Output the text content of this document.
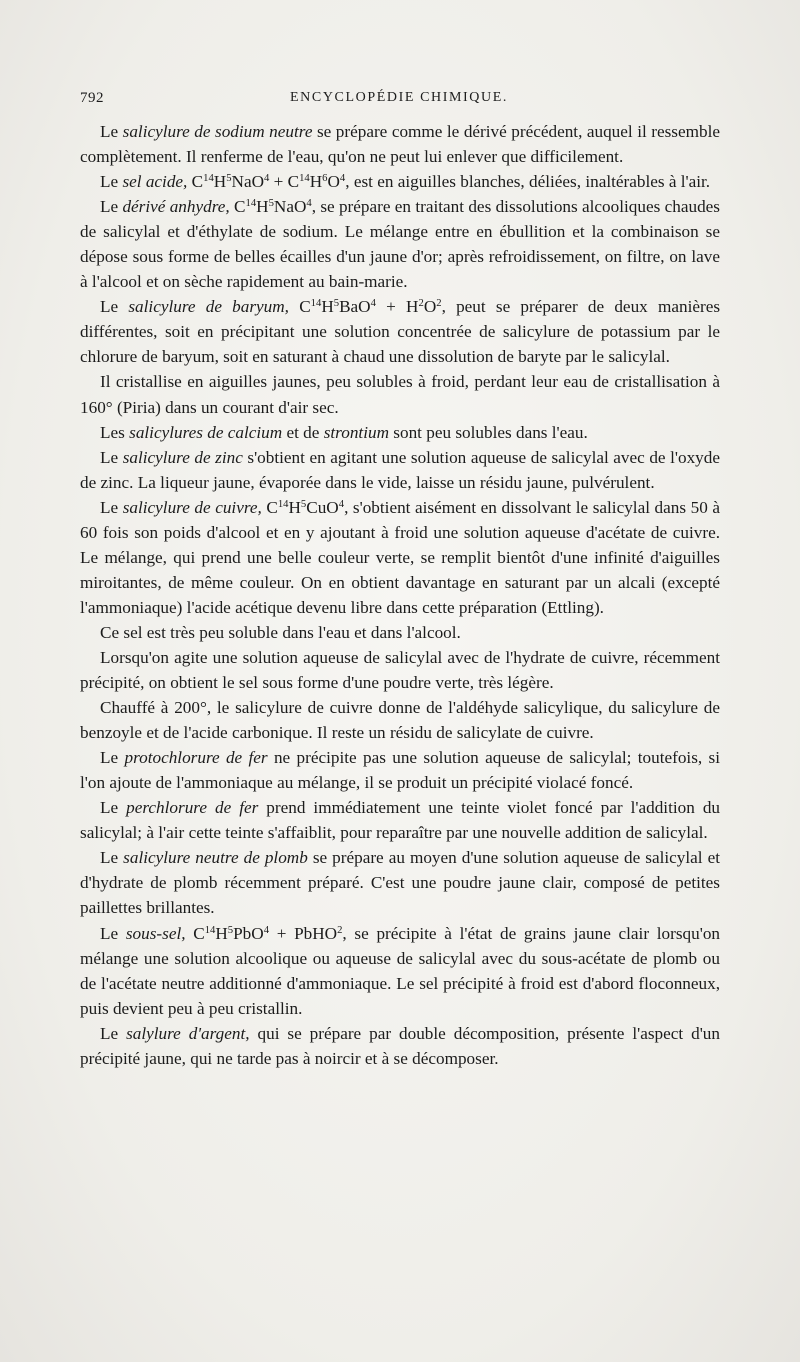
792	ENCYCLOPÉDIE CHIMIQUE.

Le salicylure de sodium neutre se prépare comme le dérivé précédent, auquel il ressemble complètement. Il renferme de l'eau, qu'on ne peut lui enlever que difficilement.

Le sel acide, $C^{14}H^5NaO^4 + C^{14}H^6O^4$, est en aiguilles blanches, déliées, inaltérables à l'air.

Le dérivé anhydre, $C^{14}H^5NaO^4$, se prépare en traitant des dissolutions alcooliques chaudes de salicylal et d'éthylate de sodium. Le mélange entre en ébullition et la combinaison se dépose sous forme de belles écailles d'un jaune d'or; après refroidissement, on filtre, on lave à l'alcool et on sèche rapidement au bain-marie.

Le salicylure de baryum, $C^{14}H^5BaO^4 + H^2O^2$, peut se préparer de deux manières différentes, soit en précipitant une solution concentrée de salicylure de potassium par le chlorure de baryum, soit en saturant à chaud une dissolution de baryte par le salicylal.

Il cristallise en aiguilles jaunes, peu solubles à froid, perdant leur eau de cristallisation à 160° (Piria) dans un courant d'air sec.

Les salicylures de calcium et de strontium sont peu solubles dans l'eau.

Le salicylure de zinc s'obtient en agitant une solution aqueuse de salicylal avec de l'oxyde de zinc. La liqueur jaune, évaporée dans le vide, laisse un résidu jaune, pulvérulent.

Le salicylure de cuivre, $C^{14}H^5CuO^4$, s'obtient aisément en dissolvant le salicylal dans 50 à 60 fois son poids d'alcool et en y ajoutant à froid une solution aqueuse d'acétate de cuivre. Le mélange, qui prend une belle couleur verte, se remplit bientôt d'une infinité d'aiguilles miroitantes, de même couleur. On en obtient davantage en saturant par un alcali (excepté l'ammoniaque) l'acide acétique devenu libre dans cette préparation (Ettling).

Ce sel est très peu soluble dans l'eau et dans l'alcool.

Lorsqu'on agite une solution aqueuse de salicylal avec de l'hydrate de cuivre, récemment précipité, on obtient le sel sous forme d'une poudre verte, très légère.

Chauffé à 200°, le salicylure de cuivre donne de l'aldéhyde salicylique, du salicylure de benzoyle et de l'acide carbonique. Il reste un résidu de salicylate de cuivre.

Le protochlorure de fer ne précipite pas une solution aqueuse de salicylal; toutefois, si l'on ajoute de l'ammoniaque au mélange, il se produit un précipité violacé foncé.

Le perchlorure de fer prend immédiatement une teinte violet foncé par l'addition du salicylal; à l'air cette teinte s'affaiblit, pour reparaître par une nouvelle addition de salicylal.

Le salicylure neutre de plomb se prépare au moyen d'une solution aqueuse de salicylal et d'hydrate de plomb récemment préparé. C'est une poudre jaune clair, composé de petites paillettes brillantes.

Le sous-sel, $C^{14}H^5PbO^4$ + PbHO$^2$, se précipite à l'état de grains jaune clair lorsqu'on mélange une solution alcoolique ou aqueuse de salicylal avec du sous-acétate de plomb ou de l'acétate neutre additionné d'ammoniaque. Le sel précipité à froid est d'abord floconneux, puis devient peu à peu cristallin.

Le salylure d'argent, qui se prépare par double décomposition, présente l'aspect d'un précipité jaune, qui ne tarde pas à noircir et à se décomposer.
